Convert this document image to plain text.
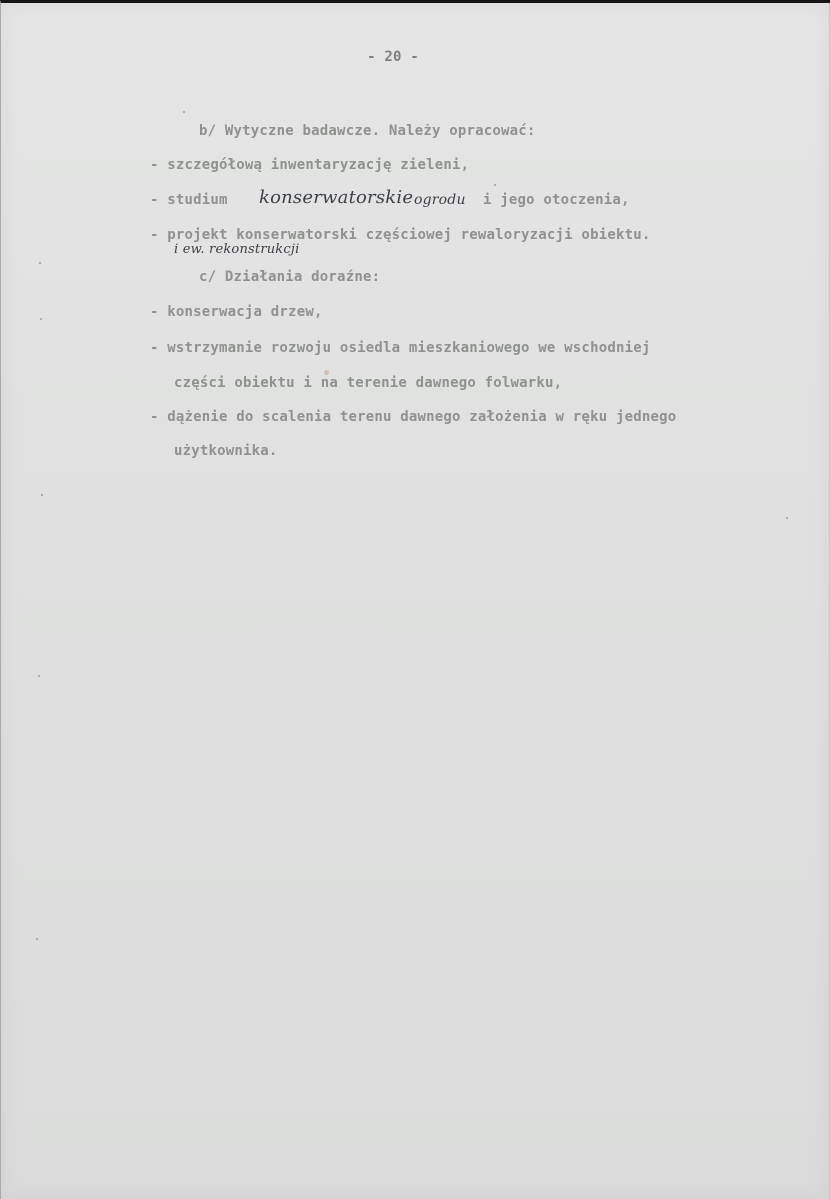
- 20 -

b/ Wytyczne badawcze. Należy opracować:

- szczegółową inwentaryzację zieleni,

- studium konserwatorskie ogrodu i jego otoczenia,

- projekt konserwatorski częściowej rewaloryzacji obiektu.

i ew. rekonstrukcji

c/ Działania doraźne:

- konserwacja drzew,

- wstrzymanie rozwoju osiedla mieszkaniowego we wschodniej

części obiektu i na terenie dawnego folwarku,

- dążenie do scalenia terenu dawnego założenia w ręku jednego

użytkownika.
